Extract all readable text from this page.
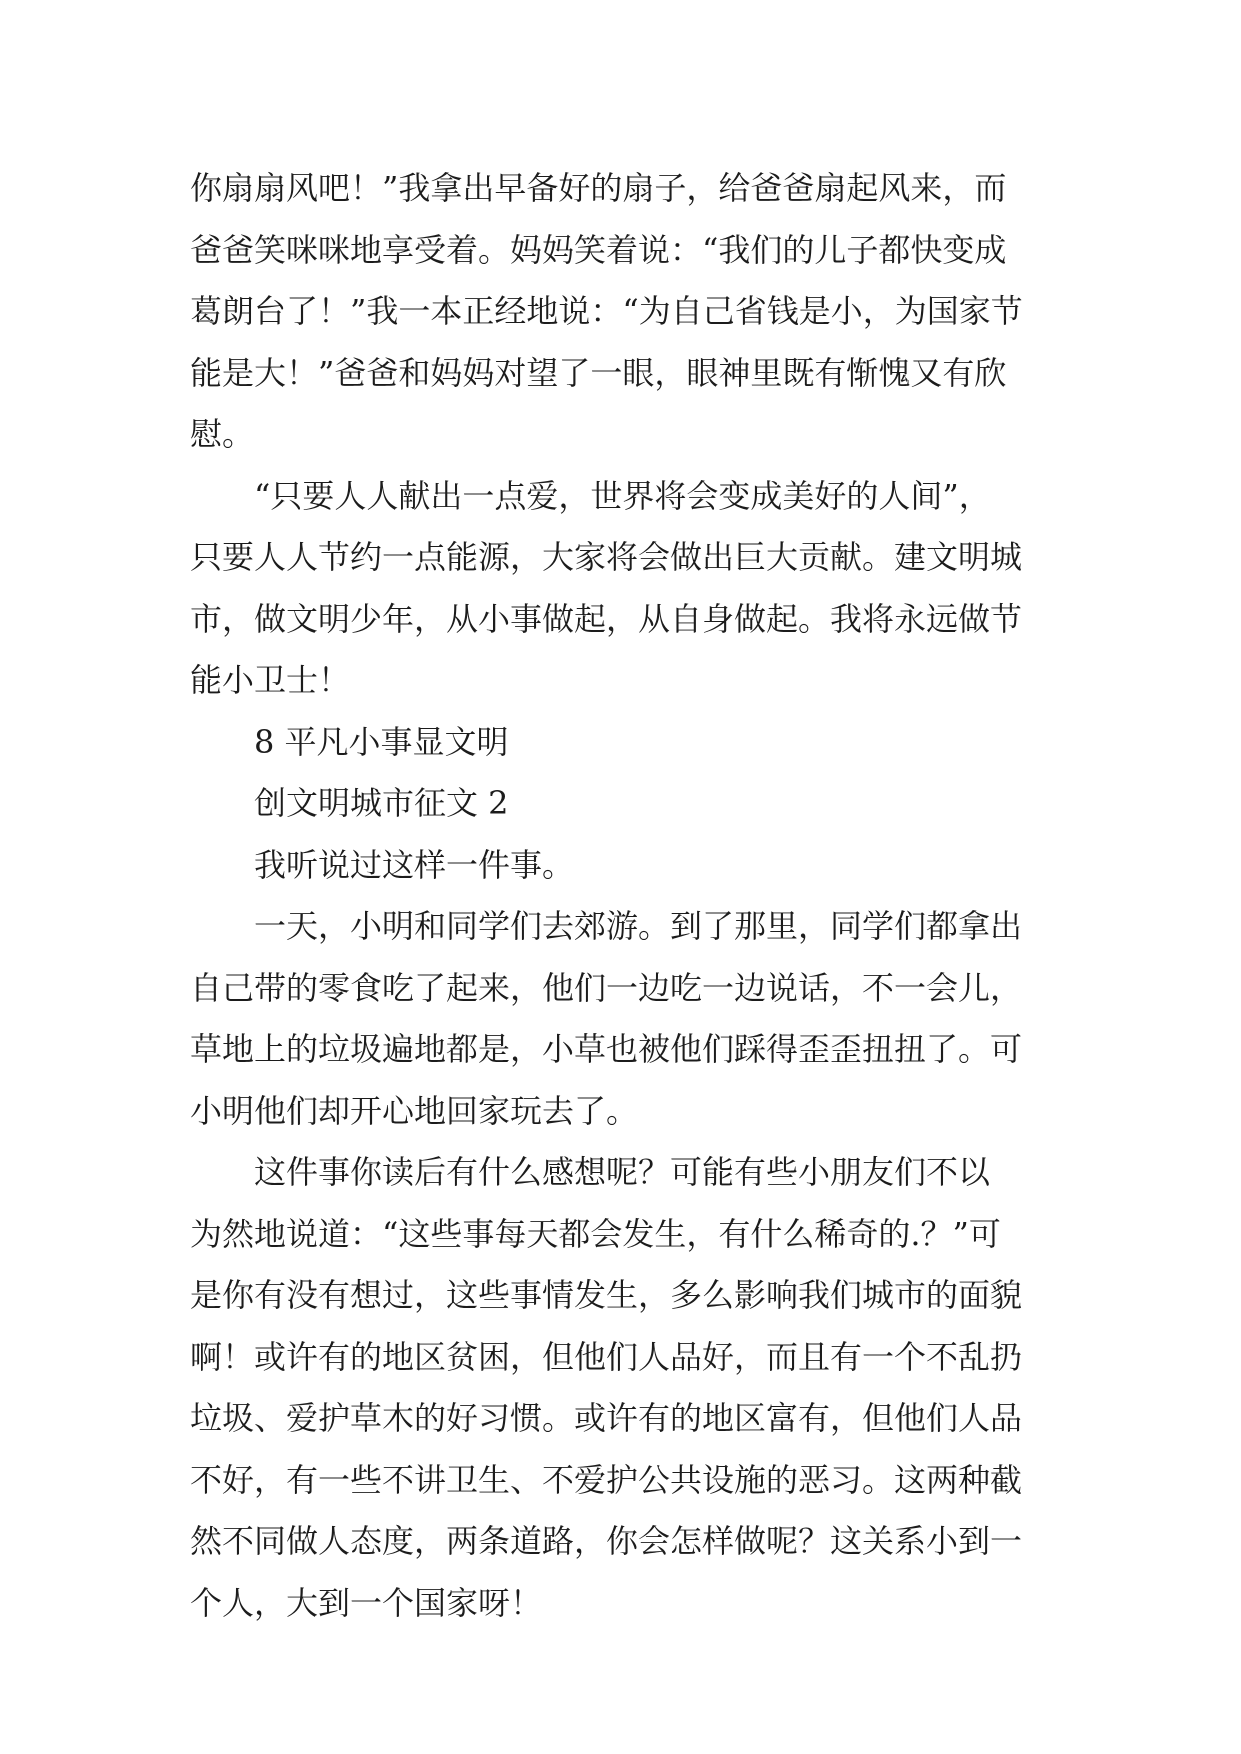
你扇扇风吧！”我拿出早备好的扇子，给爸爸扇起风来，而
爸爸笑咪咪地享受着。妈妈笑着说：“我们的儿子都快变成
葛朗台了！”我一本正经地说：“为自己省钱是小，为国家节
能是大！”爸爸和妈妈对望了一眼，眼神里既有惭愧又有欣
慰。
“只要人人献出一点爱，世界将会变成美好的人间”，
只要人人节约一点能源，大家将会做出巨大贡献。建文明城
市，做文明少年，从小事做起，从自身做起。我将永远做节
能小卫士！
8 平凡小事显文明
创文明城市征文 2
我听说过这样一件事。
一天，小明和同学们去郊游。到了那里，同学们都拿出
自己带的零食吃了起来，他们一边吃一边说话，不一会儿，
草地上的垃圾遍地都是，小草也被他们踩得歪歪扭扭了。可
小明他们却开心地回家玩去了。
这件事你读后有什么感想呢？可能有些小朋友们不以
为然地说道：“这些事每天都会发生，有什么稀奇的.？”可
是你有没有想过，这些事情发生，多么影响我们城市的面貌
啊！或许有的地区贫困，但他们人品好，而且有一个不乱扔
垃圾、爱护草木的好习惯。或许有的地区富有，但他们人品
不好，有一些不讲卫生、不爱护公共设施的恶习。这两种截
然不同做人态度，两条道路，你会怎样做呢？这关系小到一
个人，大到一个国家呀！
